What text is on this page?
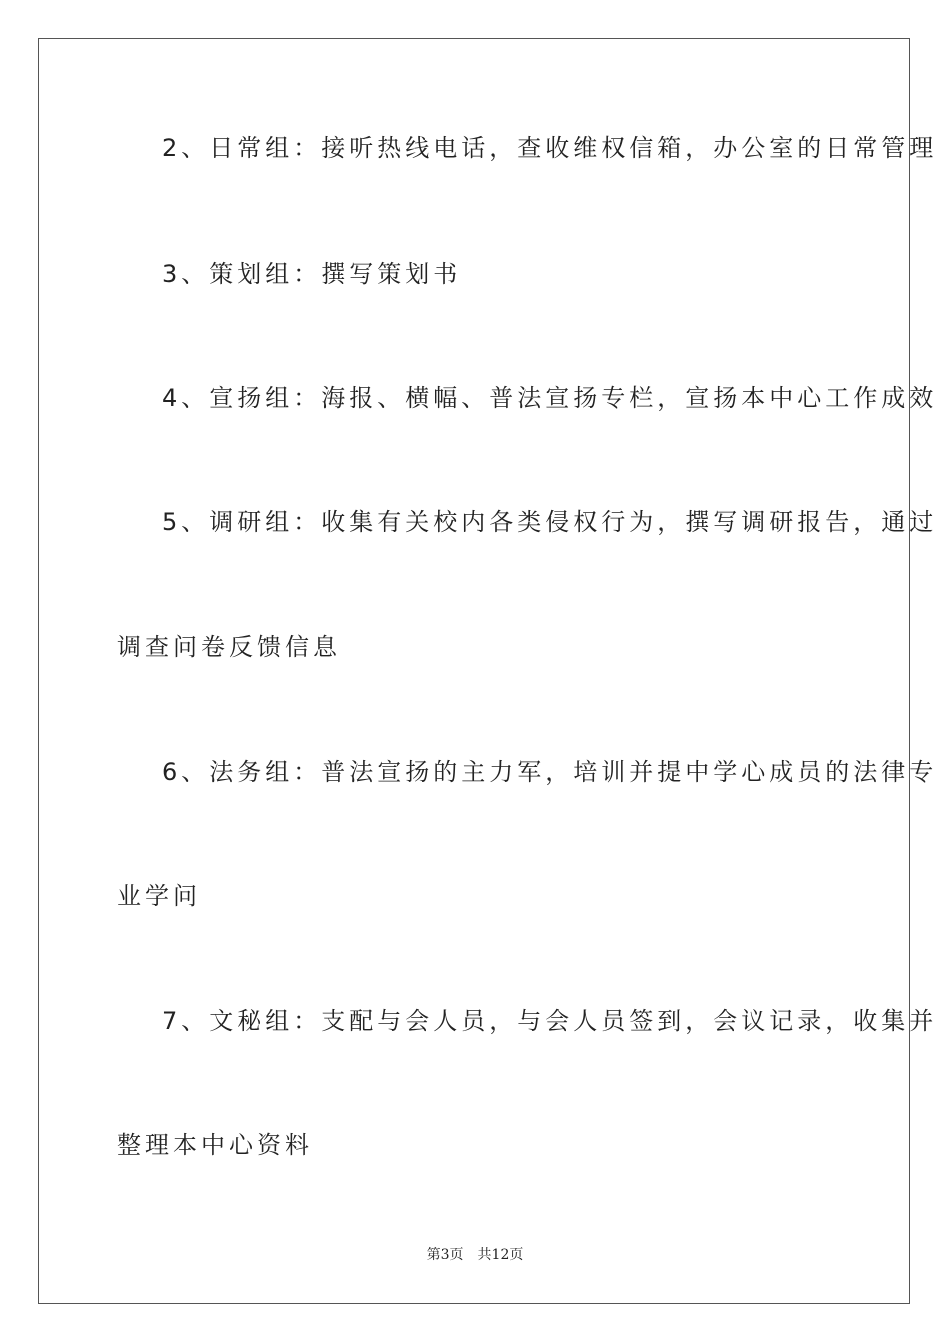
2、日常组：接听热线电话，查收维权信箱，办公室的日常管理

3、策划组：撰写策划书

4、宣扬组：海报、横幅、普法宣扬专栏，宣扬本中心工作成效

5、调研组：收集有关校内各类侵权行为，撰写调研报告，通过

调查问卷反馈信息

6、法务组：普法宣扬的主力军，培训并提中学心成员的法律专

业学问

7、文秘组：支配与会人员，与会人员签到，会议记录，收集并

整理本中心资料

第3页 共12页
